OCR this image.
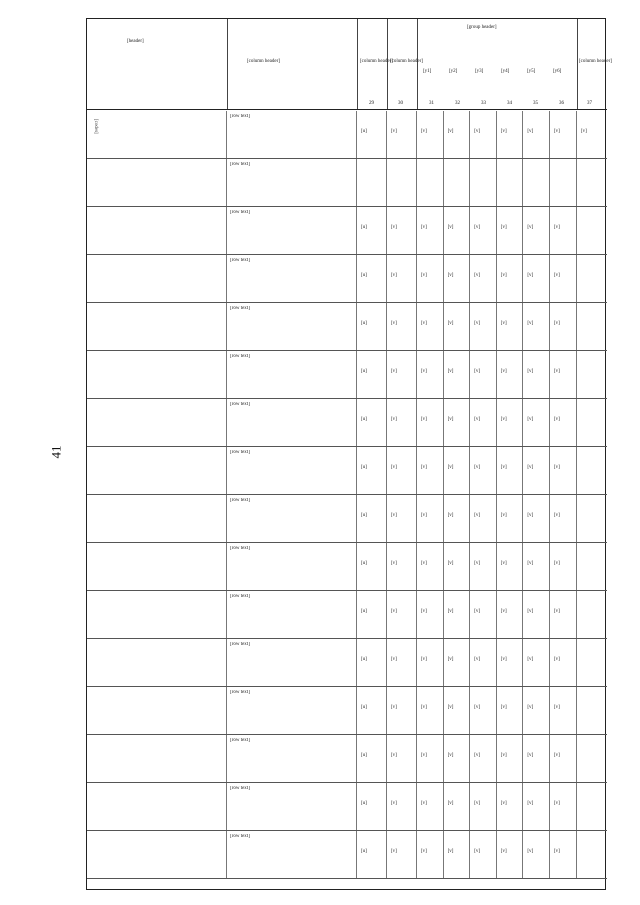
41
[header]
[column header]	[column header]
[column header]
[group header]
[y1]	[y2]	[y3]	[y4]	[y5]	[y6]
[column header]
29	30	31	32	33	34	35	36	37
[row text]
[u]	[v]	[v]	[v]	[v]	[v]	[v]	[v]	[v]
[row text]
[row text]
[u]	[v]	[v]	[v]	[v]	[v]	[v]	[v]
[row text]
[u]	[v]	[v]	[v]	[v]	[v]	[v]	[v]
[row text]
[u]	[v]	[v]	[v]	[v]	[v]	[v]	[v]
[row text]
[u]	[v]	[v]	[v]	[v]	[v]	[v]	[v]
[row text]
[u]	[v]	[v]	[v]	[v]	[v]	[v]	[v]
[row text]
[u]	[v]	[v]	[v]	[v]	[v]	[v]	[v]
[row text]
[u]	[v]	[v]	[v]	[v]	[v]	[v]	[v]
[row text]
[u]	[v]	[v]	[v]	[v]	[v]	[v]	[v]
[row text]
[u]	[v]	[v]	[v]	[v]	[v]	[v]	[v]
[row text]
[u]	[v]	[v]	[v]	[v]	[v]	[v]	[v]
[row text]
[u]	[v]	[v]	[v]	[v]	[v]	[v]	[v]
[row text]
[u]	[v]	[v]	[v]	[v]	[v]	[v]	[v]
[row text]
[u]	[v]	[v]	[v]	[v]	[v]	[v]	[v]
[row text]
[u]	[v]	[v]	[v]	[v]	[v]	[v]	[v]
[codes]
